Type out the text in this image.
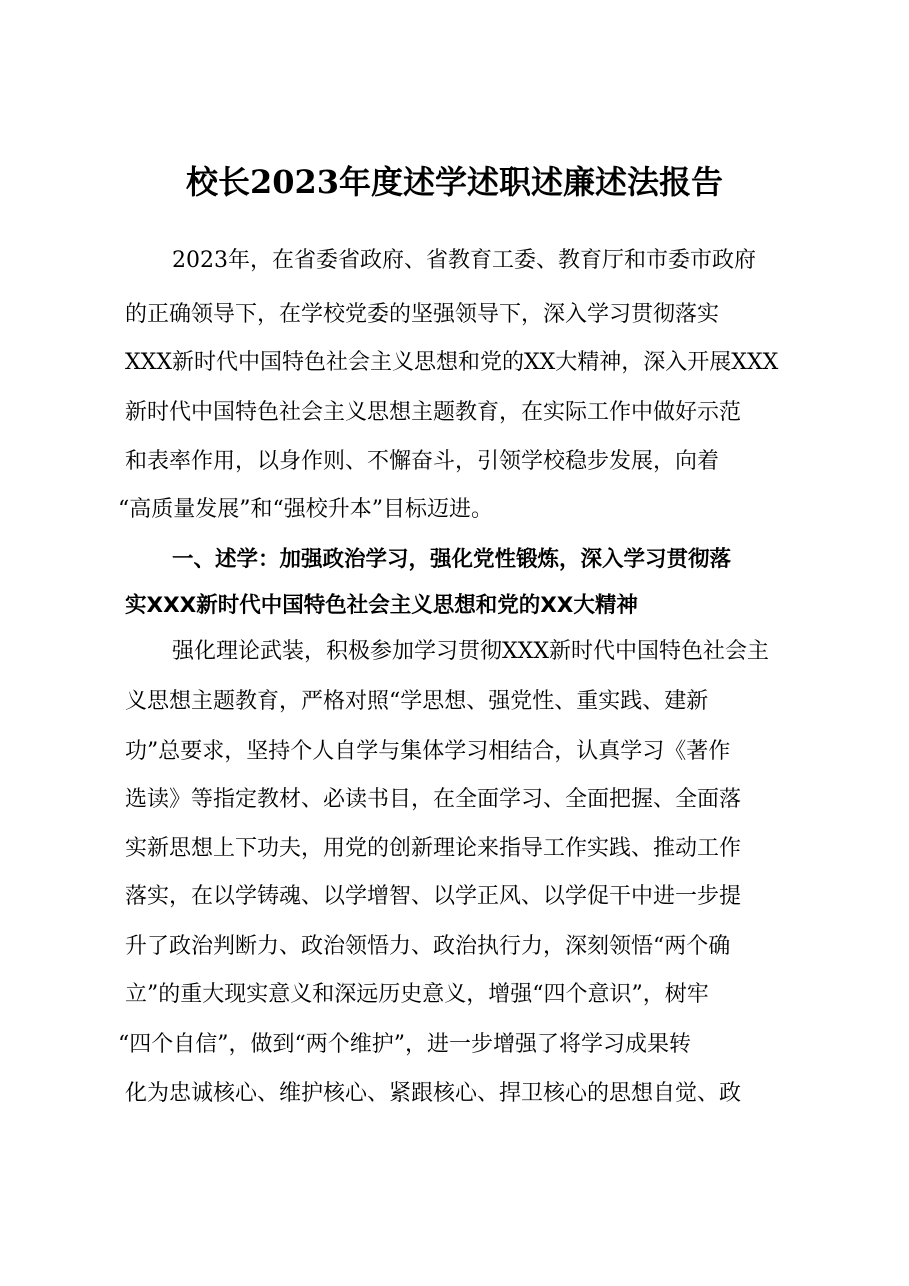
校长2023年度述学述职述廉述法报告

2023年，在省委省政府、省教育工委、教育厅和市委市政府

的正确领导下，在学校党委的坚强领导下，深入学习贯彻落实

XXX新时代中国特色社会主义思想和党的XX大精神，深入开展XXX

新时代中国特色社会主义思想主题教育，在实际工作中做好示范

和表率作用，以身作则、不懈奋斗，引领学校稳步发展，向着

“高质量发展”和“强校升本”目标迈进。

一、述学：加强政治学习，强化党性锻炼，深入学习贯彻落

实XXX新时代中国特色社会主义思想和党的XX大精神

强化理论武装，积极参加学习贯彻XXX新时代中国特色社会主

义思想主题教育，严格对照“学思想、强党性、重实践、建新

功”总要求，坚持个人自学与集体学习相结合，认真学习《著作

选读》等指定教材、必读书目，在全面学习、全面把握、全面落

实新思想上下功夫，用党的创新理论来指导工作实践、推动工作

落实，在以学铸魂、以学增智、以学正风、以学促干中进一步提

升了政治判断力、政治领悟力、政治执行力，深刻领悟“两个确

立”的重大现实意义和深远历史意义，增强“四个意识”，树牢

“四个自信”，做到“两个维护”，进一步增强了将学习成果转

化为忠诚核心、维护核心、紧跟核心、捍卫核心的思想自觉、政
